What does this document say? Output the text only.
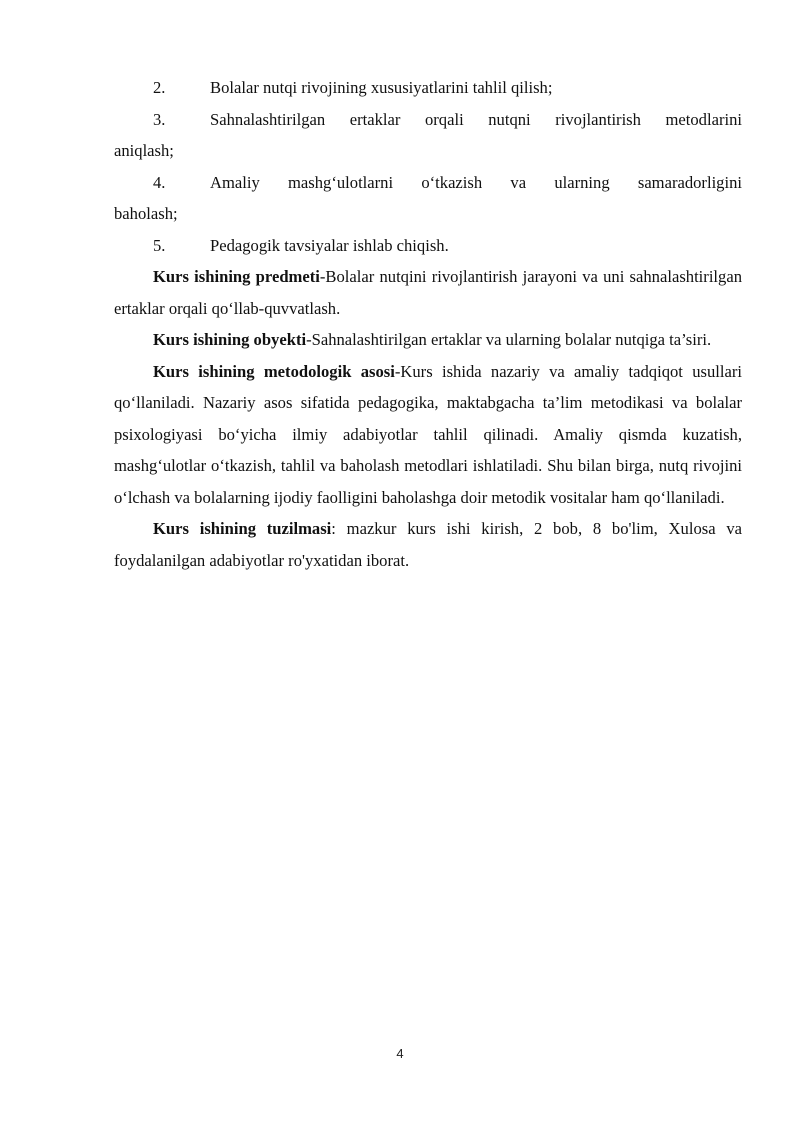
2.	Bolalar nutqi rivojining xususiyatlarini tahlil qilish;

3.	Sahnalashtirilgan ertaklar orqali nutqni rivojlantirish metodlarini

aniqlash;

4.	Amaliy mashg‘ulotlarni o‘tkazish va ularning samaradorligini

baholash;

5.	Pedagogik tavsiyalar ishlab chiqish.

Kurs ishining predmeti-Bolalar nutqini rivojlantirish jarayoni va uni sahnalashtirilgan ertaklar orqali qo‘llab-quvvatlash.

Kurs ishining obyekti-Sahnalashtirilgan ertaklar va ularning bolalar nutqiga ta’siri.

Kurs ishining metodologik asosi-Kurs ishida nazariy va amaliy tadqiqot usullari qo‘llaniladi. Nazariy asos sifatida pedagogika, maktabgacha ta’lim metodikasi va bolalar psixologiyasi bo‘yicha ilmiy adabiyotlar tahlil qilinadi. Amaliy qismda kuzatish, mashg‘ulotlar o‘tkazish, tahlil va baholash metodlari ishlatiladi. Shu bilan birga, nutq rivojini o‘lchash va bolalarning ijodiy faolligini baholashga doir metodik vositalar ham qo‘llaniladi.

Kurs ishining tuzilmasi: mazkur kurs ishi kirish, 2 bob, 8 bo'lim, Xulosa va foydalanilgan adabiyotlar ro'yxatidan iborat.

4
